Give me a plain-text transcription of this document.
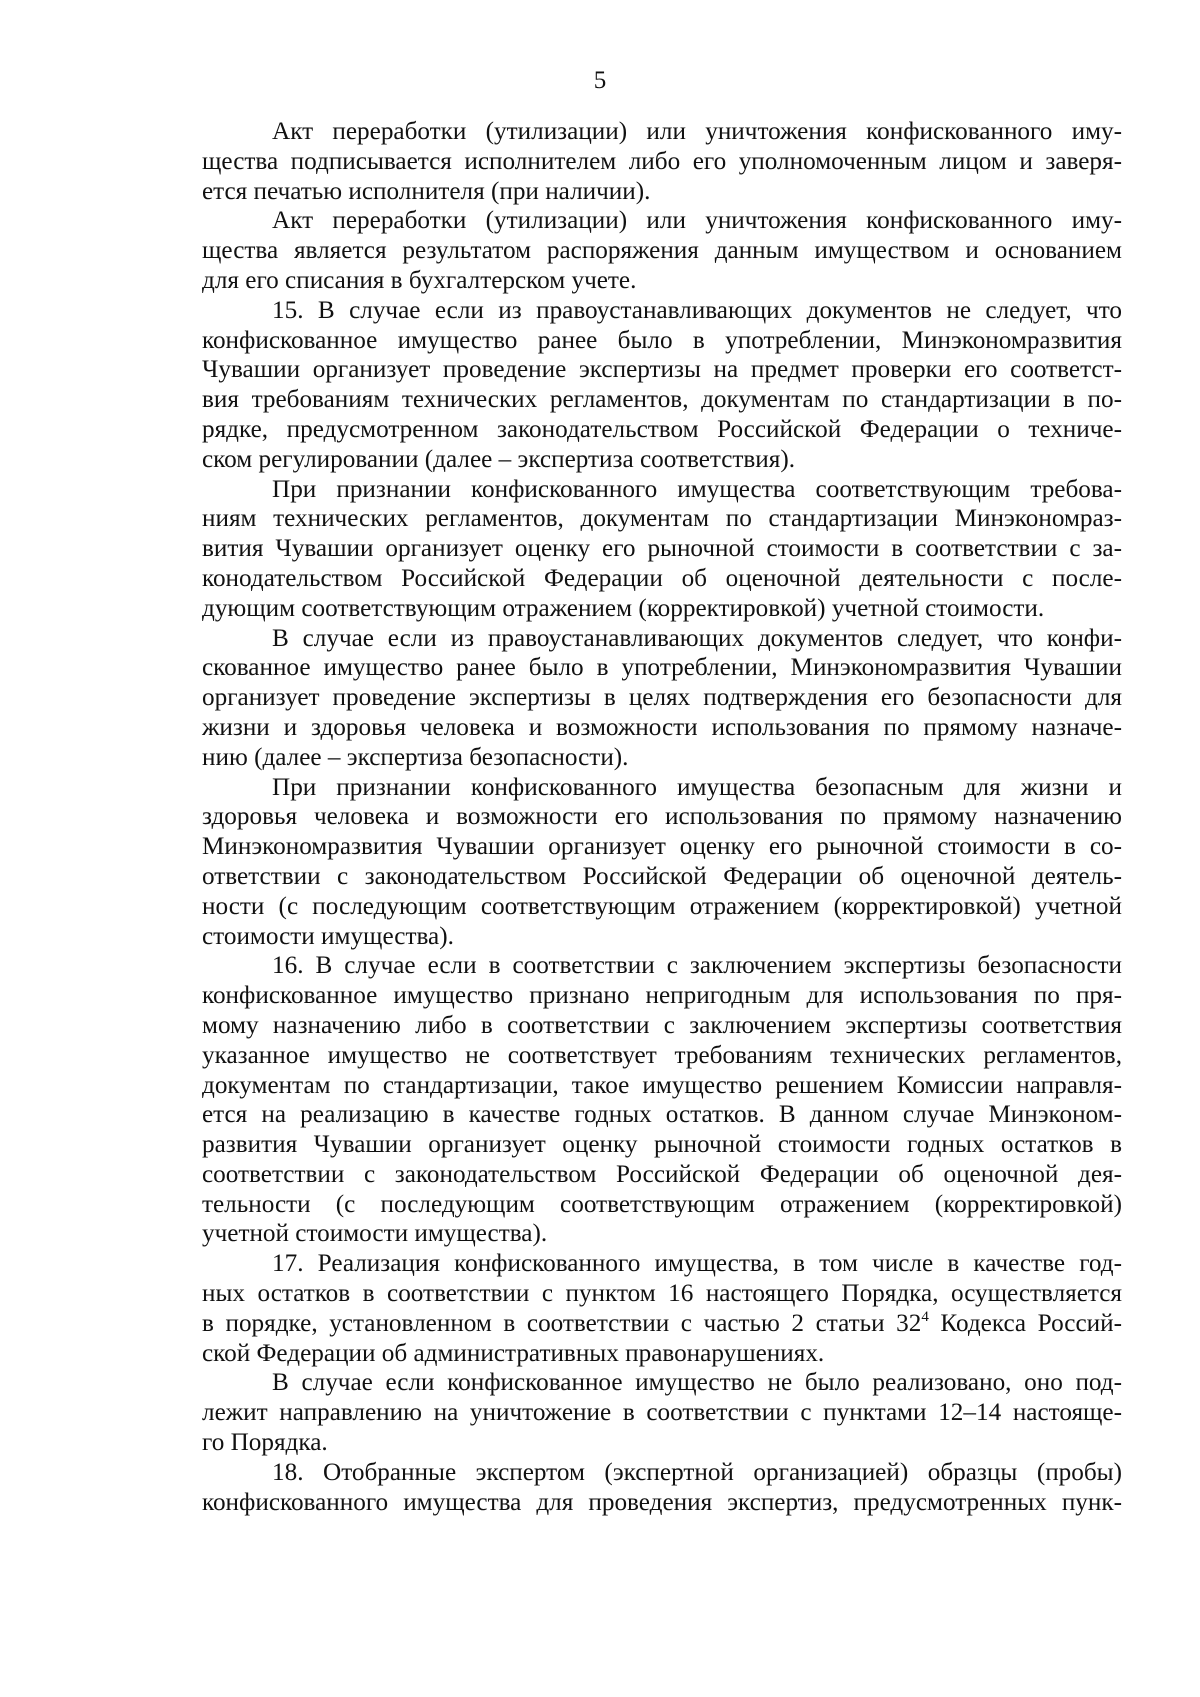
5
Акт переработки (утилизации) или уничтожения конфискованного иму-
щества подписывается исполнителем либо его уполномоченным лицом и заверя-
ется печатью исполнителя (при наличии).
Акт переработки (утилизации) или уничтожения конфискованного иму-
щества является результатом распоряжения данным имуществом и основанием
для его списания в бухгалтерском учете.
15. В случае если из правоустанавливающих документов не следует, что
конфискованное имущество ранее было в употреблении, Минэкономразвития
Чувашии организует проведение экспертизы на предмет проверки его соответст-
вия требованиям технических регламентов, документам по стандартизации в по-
рядке, предусмотренном законодательством Российской Федерации о техниче-
ском регулировании (далее – экспертиза соответствия).
При признании конфискованного имущества соответствующим требова-
ниям технических регламентов, документам по стандартизации Минэкономраз-
вития Чувашии организует оценку его рыночной стоимости в соответствии с за-
конодательством Российской Федерации об оценочной деятельности с после-
дующим соответствующим отражением (корректировкой) учетной стоимости.
В случае если из правоустанавливающих документов следует, что конфи-
скованное имущество ранее было в употреблении, Минэкономразвития Чувашии
организует проведение экспертизы в целях подтверждения его безопасности для
жизни и здоровья человека и возможности использования по прямому назначе-
нию (далее – экспертиза безопасности).
При признании конфискованного имущества безопасным для жизни и
здоровья человека и возможности его использования по прямому назначению
Минэкономразвития Чувашии организует оценку его рыночной стоимости в со-
ответствии с законодательством Российской Федерации об оценочной деятель-
ности (с последующим соответствующим отражением (корректировкой) учетной
стоимости имущества).
16. В случае если в соответствии с заключением экспертизы безопасности
конфискованное имущество признано непригодным для использования по пря-
мому назначению либо в соответствии с заключением экспертизы соответствия
указанное имущество не соответствует требованиям технических регламентов,
документам по стандартизации, такое имущество решением Комиссии направля-
ется на реализацию в качестве годных остатков. В данном случае Минэконом-
развития Чувашии организует оценку рыночной стоимости годных остатков в
соответствии с законодательством Российской Федерации об оценочной дея-
тельности (с последующим соответствующим отражением (корректировкой)
учетной стоимости имущества).
17. Реализация конфискованного имущества, в том числе в качестве год-
ных остатков в соответствии с пунктом 16 настоящего Порядка, осуществляется
в порядке, установленном в соответствии с частью 2 статьи $32^4$ Кодекса Россий-
ской Федерации об административных правонарушениях.
В случае если конфискованное имущество не было реализовано, оно под-
лежит направлению на уничтожение в соответствии с пунктами 12–14 настояще-
го Порядка.
18. Отобранные экспертом (экспертной организацией) образцы (пробы)
конфискованного имущества для проведения экспертиз, предусмотренных пунк-
